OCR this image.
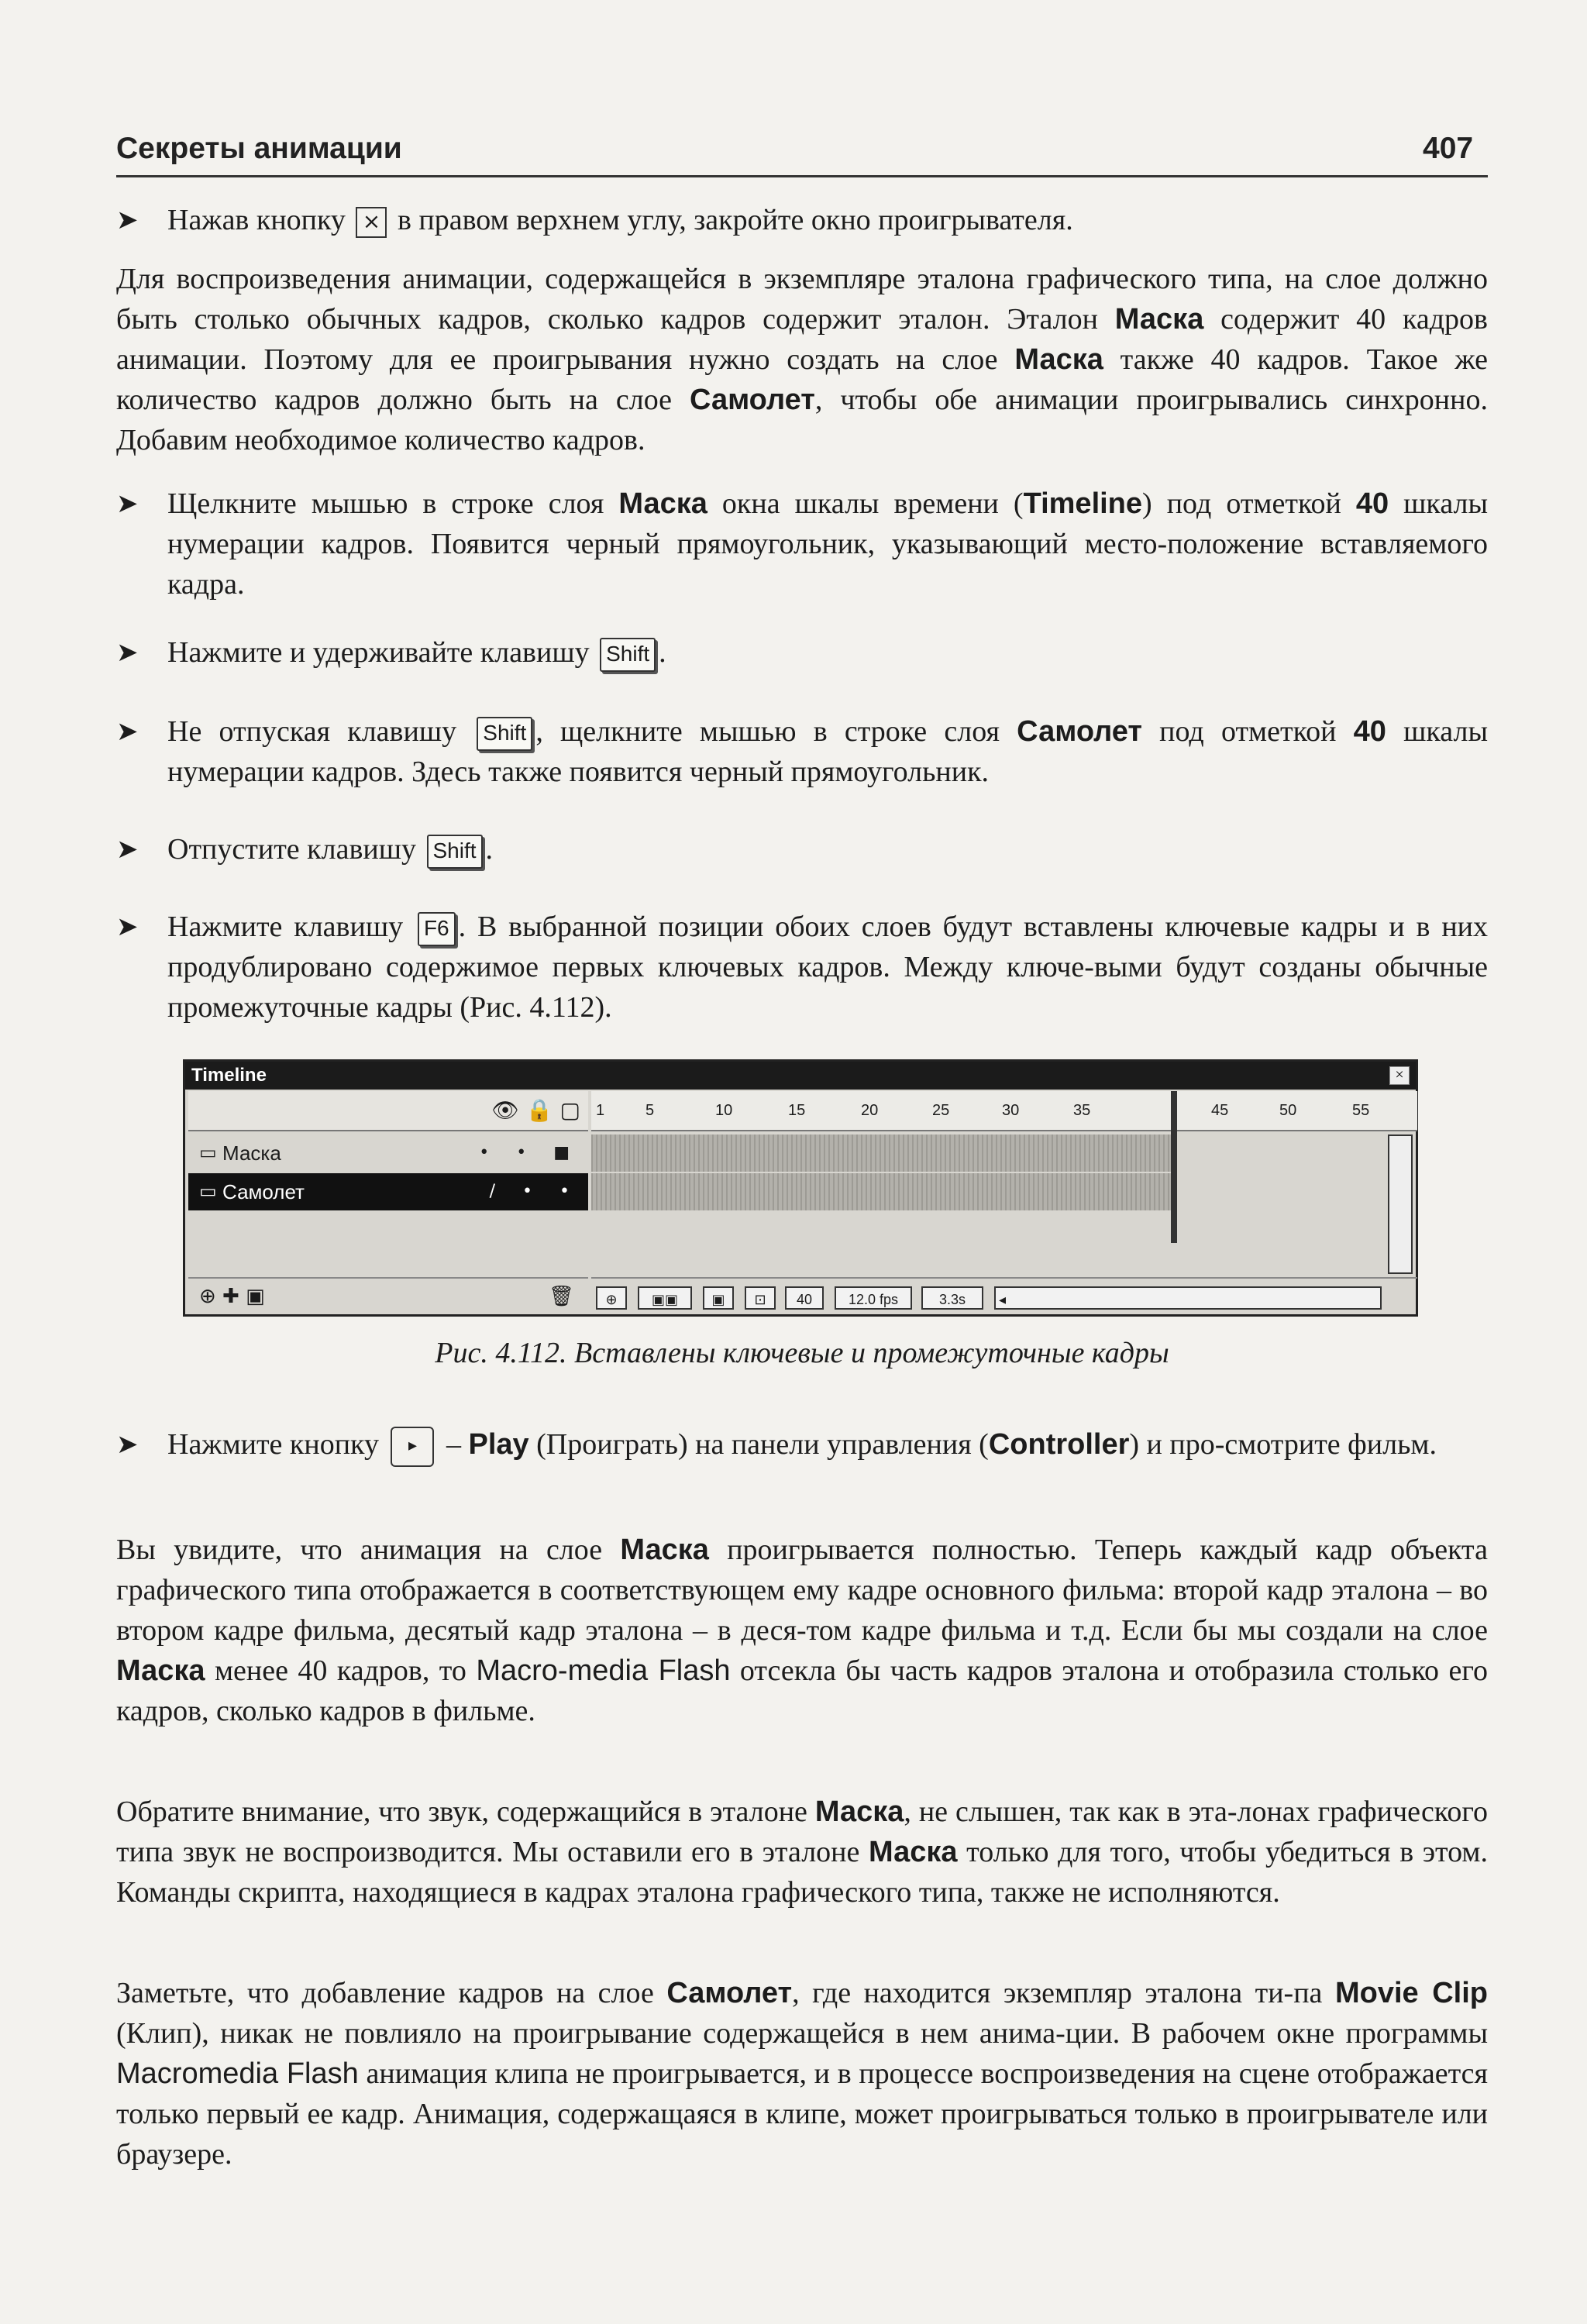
Секреты анимации	407
➤ Нажав кнопку × в правом верхнем углу, закройте окно проигрывателя.
Для воспроизведения анимации, содержащейся в экземпляре эталона графического типа, на слое должно быть столько обычных кадров, сколько кадров содержит эталон. Эталон Маска содержит 40 кадров анимации. Поэтому для ее проигрывания нужно создать на слое Маска также 40 кадров. Такое же количество кадров должно быть на слое Самолет, чтобы обе анимации проигрывались синхронно. Добавим необходимое количество кадров.
➤ Щелкните мышью в строке слоя Маска окна шкалы времени (Timeline) под отметкой 40 шкалы нумерации кадров. Появится черный прямоугольник, указывающий место-положение вставляемого кадра.
➤ Нажмите и удерживайте клавишу Shift .
➤ Не отпуская клавишу Shift , щелкните мышью в строке слоя Самолет под отметкой 40 шкалы нумерации кадров. Здесь также появится черный прямоугольник.
➤ Отпустите клавишу Shift .
➤ Нажмите клавишу F6 . В выбранной позиции обоих слоев будут вставлены ключевые кадры и в них продублировано содержимое первых ключевых кадров. Между ключе-выми будут созданы обычные промежуточные кадры (Рис. 4.112).
Timeline	×
👁 🔒 ▢
▭ Маска	• • ■
▭ Самолет	/ • •
⊕ ✚ ▣	🗑
1	5	10	15	20	25	30	35	45	50	55
⊕	▣▣	▣	⊡	40	12.0 fps	3.3s	◂
Рис. 4.112. Вставлены ключевые и промежуточные кадры
➤ Нажмите кнопку ▸ – Play (Проиграть) на панели управления (Controller) и про-смотрите фильм.
Вы увидите, что анимация на слое Маска проигрывается полностью. Теперь каждый кадр объекта графического типа отображается в соответствующем ему кадре основного фильма: второй кадр эталона – во втором кадре фильма, десятый кадр эталона – в деся-том кадре фильма и т.д. Если бы мы создали на слое Маска менее 40 кадров, то Macro-media Flash отсекла бы часть кадров эталона и отобразила столько его кадров, сколько кадров в фильме.
Обратите внимание, что звук, содержащийся в эталоне Маска, не слышен, так как в эта-лонах графического типа звук не воспроизводится. Мы оставили его в эталоне Маска только для того, чтобы убедиться в этом. Команды скрипта, находящиеся в кадрах эталона графического типа, также не исполняются.
Заметьте, что добавление кадров на слое Самолет, где находится экземпляр эталона ти-па Movie Clip (Клип), никак не повлияло на проигрывание содержащейся в нем анима-ции. В рабочем окне программы Macromedia Flash анимация клипа не проигрывается, и в процессе воспроизведения на сцене отображается только первый ее кадр. Анимация, содержащаяся в клипе, может проигрываться только в проигрывателе или браузере.
